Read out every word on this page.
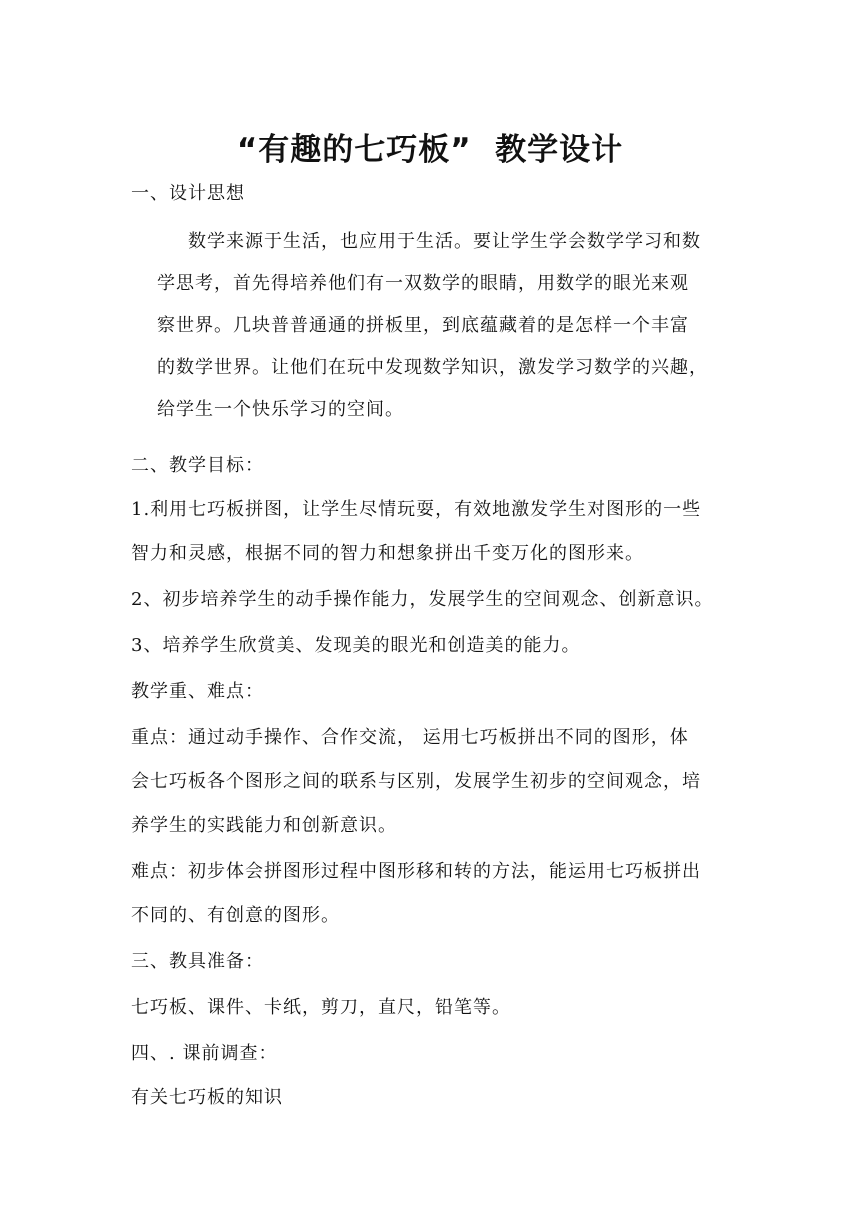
“有趣的七巧板”  教学设计

一、设计思想

数学来源于生活，也应用于生活。要让学生学会数学学习和数

学思考，首先得培养他们有一双数学的眼睛，用数学的眼光来观

察世界。几块普普通通的拼板里，到底蕴藏着的是怎样一个丰富

的数学世界。让他们在玩中发现数学知识，激发学习数学的兴趣，

给学生一个快乐学习的空间。

二、教学目标：

1.利用七巧板拼图，让学生尽情玩耍，有效地激发学生对图形的一些

智力和灵感，根据不同的智力和想象拼出千变万化的图形来。

2、初步培养学生的动手操作能力，发展学生的空间观念、创新意识。

3、培养学生欣赏美、发现美的眼光和创造美的能力。

教学重、难点：

重点：通过动手操作、合作交流， 运用七巧板拼出不同的图形，体

会七巧板各个图形之间的联系与区别，发展学生初步的空间观念，培

养学生的实践能力和创新意识。

难点：初步体会拼图形过程中图形移和转的方法，能运用七巧板拼出

不同的、有创意的图形。

三、教具准备：

七巧板、课件、卡纸，剪刀，直尺，铅笔等。

四、. 课前调查：

有关七巧板的知识
